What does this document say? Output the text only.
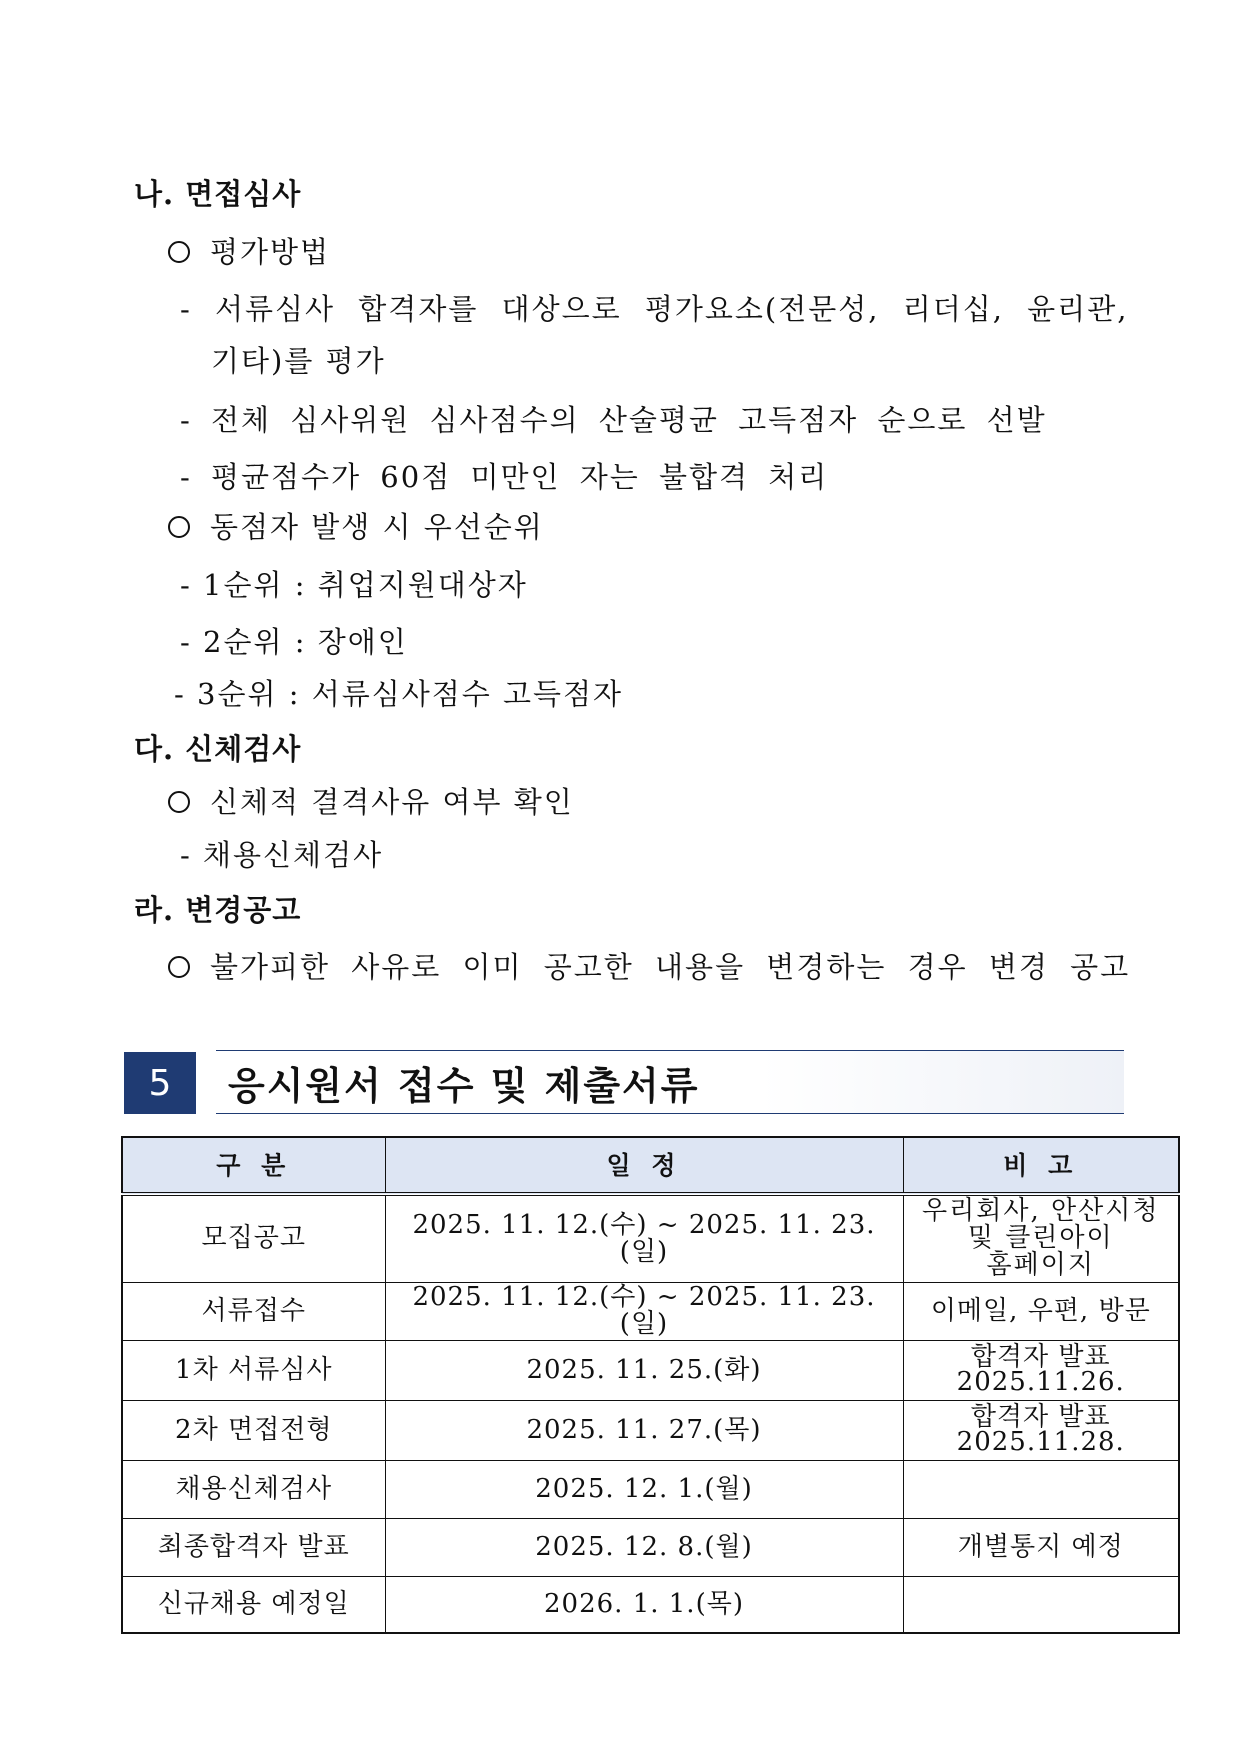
나. 면접심사
평가방법
- 서류심사 합격자를 대상으로 평가요소(전문성, 리더십, 윤리관,
기타)를 평가
- 전체 심사위원 심사점수의 산술평균 고득점자 순으로 선발
- 평균점수가 60점 미만인 자는 불합격 처리
동점자 발생 시 우선순위
- 1순위 : 취업지원대상자
- 2순위 : 장애인
- 3순위 : 서류심사점수 고득점자
다. 신체검사
신체적 결격사유 여부 확인
- 채용신체검사
라. 변경공고
불가피한 사유로 이미 공고한 내용을 변경하는 경우 변경 공고
5	응시원서 접수 및 제출서류
구 분	일 정	비 고
모집공고	2025. 11. 12.(수) ~ 2025. 11. 23.(일)	우리회사, 안산시청
및 클린아이
홈페이지
서류접수	2025. 11. 12.(수) ~ 2025. 11. 23.(일)	이메일, 우편, 방문
1차 서류심사	2025. 11. 25.(화)	합격자 발표
2025.11.26.
2차 면접전형	2025. 11. 27.(목)	합격자 발표
2025.11.28.
채용신체검사	2025. 12. 1.(월)	
최종합격자 발표	2025. 12. 8.(월)	개별통지 예정
신규채용 예정일	2026. 1. 1.(목)	
